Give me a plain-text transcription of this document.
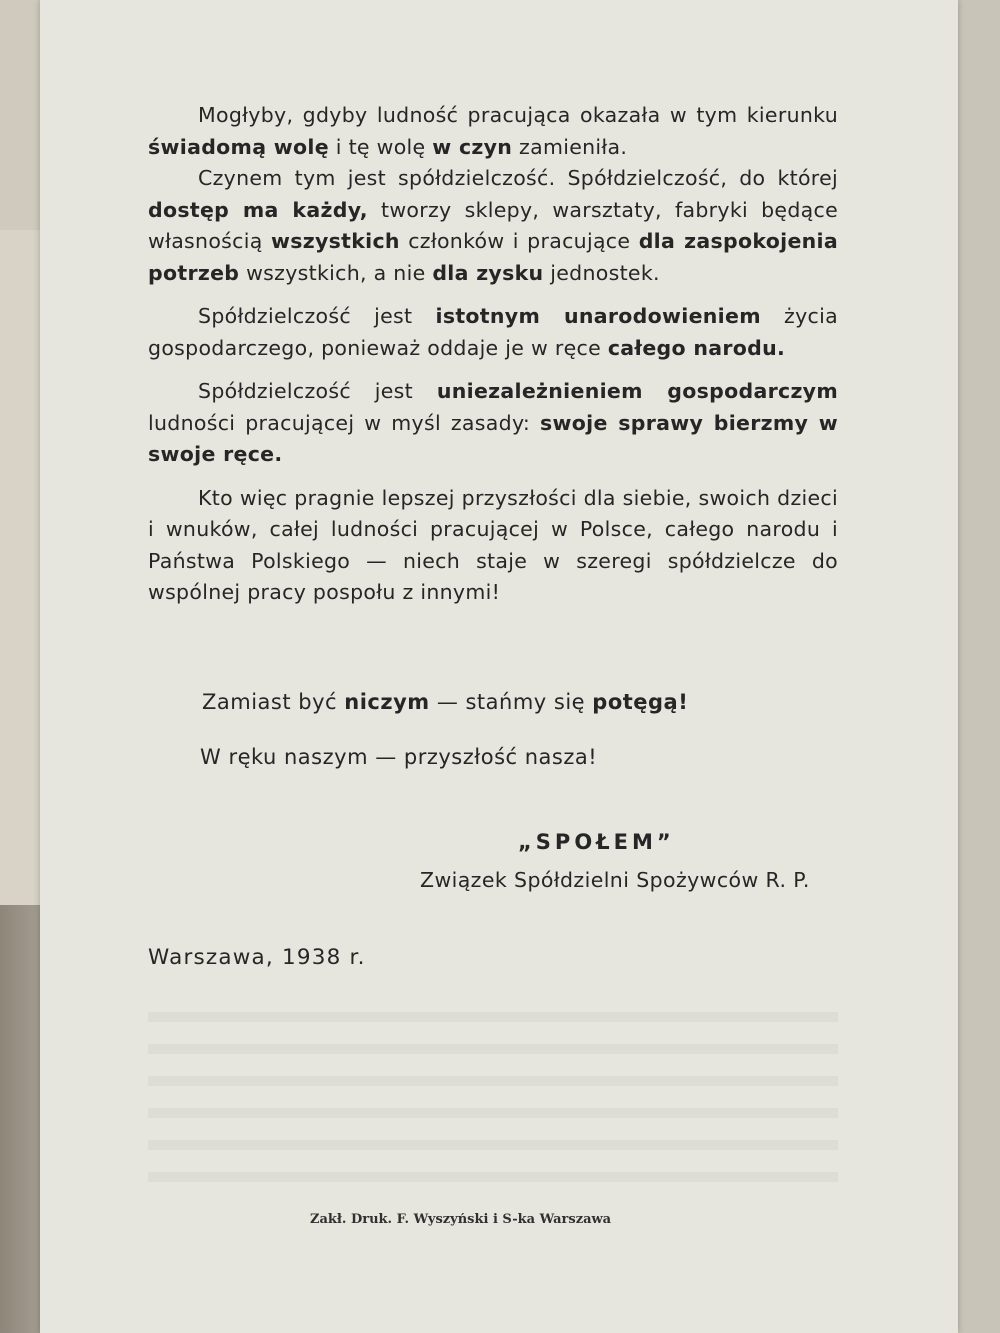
Mogłyby, gdyby ludność pracująca okazała w tym kierunku świadomą wolę i tę wolę w czyn zamieniła.

Czynem tym jest spółdzielczość. Spółdzielczość, do której dostęp ma każdy, tworzy sklepy, warsztaty, fabryki będące własnością wszystkich członków i pracujące dla zaspokojenia potrzeb wszystkich, a nie dla zysku jednostek.

Spółdzielczość jest istotnym unarodowieniem życia gospodarczego, ponieważ oddaje je w ręce całego narodu.

Spółdzielczość jest uniezależnieniem gospodarczym ludności pracującej w myśl zasady: swoje sprawy bierzmy w swoje ręce.

Kto więc pragnie lepszej przyszłości dla siebie, swoich dzieci i wnuków, całej ludności pracującej w Polsce, całego narodu i Państwa Polskiego — niech staje w szeregi spółdzielcze do wspólnej pracy pospołu z innymi!

Zamiast być niczym — stańmy się potęgą!
W ręku naszym — przyszłość nasza!
„SPOŁEM”
Związek Spółdzielni Spożywców R. P.
Warszawa, 1938 r.
Zakł. Druk. F. Wyszyński i S-ka Warszawa
